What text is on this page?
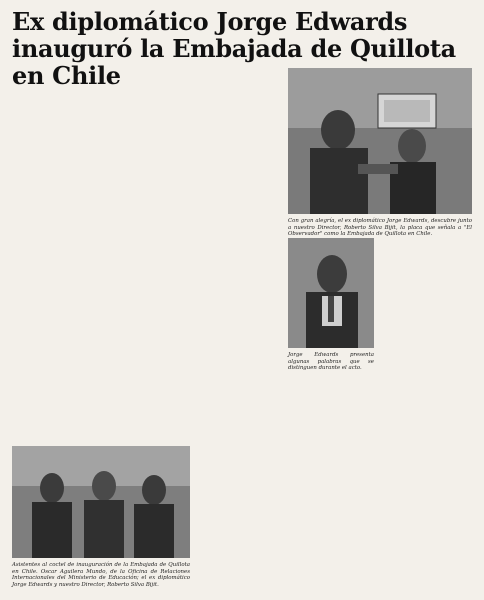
Ex diplomático Jorge Edwards inauguró la Embajada de Quillota en Chile

Con gran alegría, el ex diplomático Jorge Edwards, descubre junto a nuestro Director, Roberto Silva Bijit, la placa que señala a "El Observador" como la Embajada de Quillota en Chile.
Jorge Edwards presenta algunas palabras que se distinguen durante el acto.

Asistentes al coctel de inauguración de la Embajada de Quillota en Chile. Oscar Aguilera Mundo, de la Oficina de Relaciones Internacionales del Ministerio de Educación; el ex diplomático Jorge Edwards y nuestro Director, Roberto Silva Bijit.
